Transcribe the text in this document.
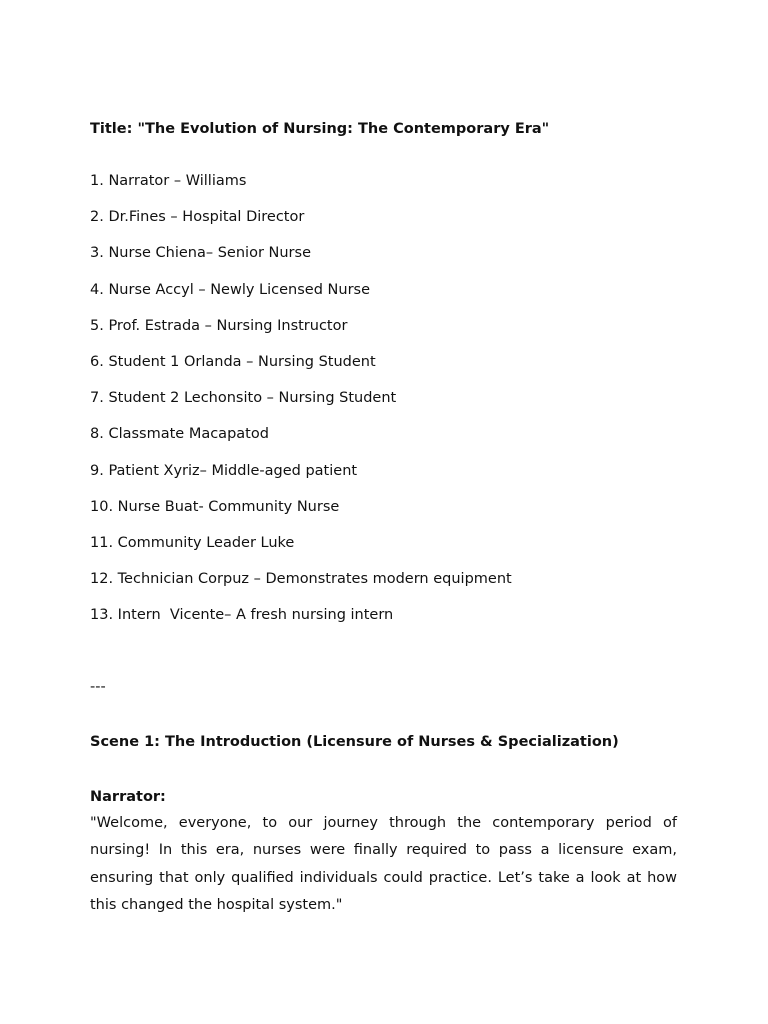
Title: "The Evolution of Nursing: The Contemporary Era"
1. Narrator – Williams
2. Dr.Fines – Hospital Director
3. Nurse Chiena– Senior Nurse
4. Nurse Accyl – Newly Licensed Nurse
5. Prof. Estrada – Nursing Instructor
6. Student 1 Orlanda – Nursing Student
7. Student 2 Lechonsito – Nursing Student
8. Classmate Macapatod
9. Patient Xyriz– Middle-aged patient
10. Nurse Buat- Community Nurse
11. Community Leader Luke
12. Technician Corpuz – Demonstrates modern equipment
13. Intern  Vicente– A fresh nursing intern
---
Scene 1: The Introduction (Licensure of Nurses & Specialization)
Narrator:

"Welcome, everyone, to our journey through the contemporary period of nursing! In this era, nurses were finally required to pass a licensure exam, ensuring that only qualified individuals could practice. Let’s take a look at how this changed the hospital system."
